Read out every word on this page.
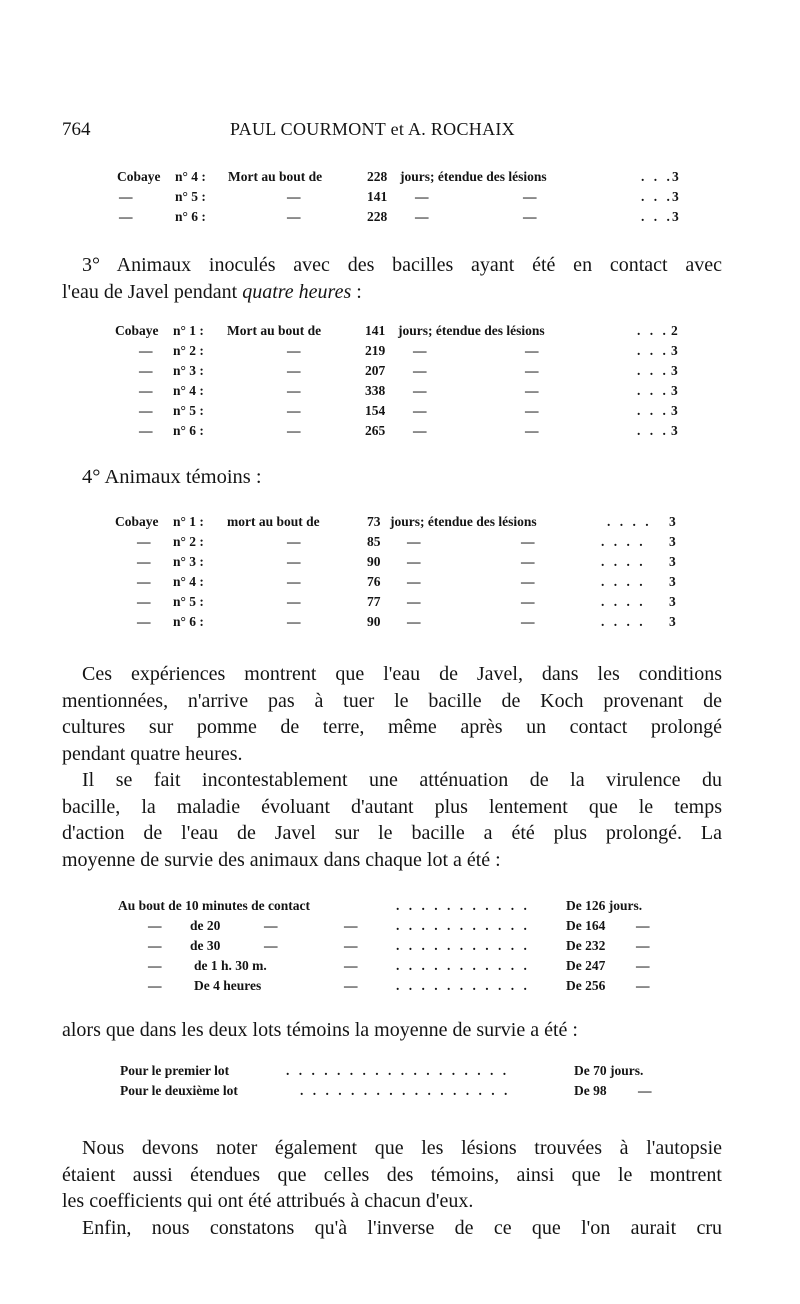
764	PAUL COURMONT et A. ROCHAIX
Cobaye n° 4 : Mort au bout de	228 jours; étendue des lésions	. . . 3
—	n° 5 :	—	141 —	—	. . . 3
—	n° 6 :	—	228 —	—	. . . 3
3° Animaux inoculés avec des bacilles ayant été en contact avec
l'eau de Javel pendant quatre heures :
Cobaye n° 1 : Mort au bout de	141 jours; étendue des lésions	. . . 2
— n° 2 :	—	219 —	—	. . . 3
— n° 3 :	—	207 —	—	. . . 3
— n° 4 :	—	338 —	—	. . . 3
— n° 5 :	—	154 —	—	. . . 3
— n° 6 :	—	265 —	—	. . . 3
4° Animaux témoins :
Cobaye n° 1 : mort au bout de	73 jours; étendue des lésions	. . . . 3
— n° 2 :	—	85 —	—	. . . . 3
— n° 3 :	—	90 —	—	. . . . 3
— n° 4 :	—	76 —	—	. . . . 3
— n° 5 :	—	77 —	—	. . . . 3
— n° 6 :	—	90 —	—	. . . . 3
Ces expériences montrent que l'eau de Javel, dans les conditions
mentionnées, n'arrive pas à tuer le bacille de Koch provenant de
cultures sur pomme de terre, même après un contact prolongé
pendant quatre heures.
Il se fait incontestablement une atténuation de la virulence du
bacille, la maladie évoluant d'autant plus lentement que le temps
d'action de l'eau de Javel sur le bacille a été plus prolongé. La
moyenne de survie des animaux dans chaque lot a été :
Au bout de 10 minutes de contact	. . . . . . . . . . .	De 126 jours.
— de 20	—	—	. . . . . . . . . . .	De 164 —
— de 30	—	—	. . . . . . . . . . .	De 232 —
— de 1 h. 30 m.	—	. . . . . . . . . . .	De 247 —
— De 4 heures	—	. . . . . . . . . . .	De 256 —
alors que dans les deux lots témoins la moyenne de survie a été :
Pour le premier lot	. . . . . . . . . . . . . . . . . .	De 70 jours.
Pour le deuxième lot	. . . . . . . . . . . . . . . . .	De 98 —
Nous devons noter également que les lésions trouvées à l'autopsie
étaient aussi étendues que celles des témoins, ainsi que le montrent
les coefficients qui ont été attribués à chacun d'eux.
Enfin, nous constatons qu'à l'inverse de ce que l'on aurait cru
